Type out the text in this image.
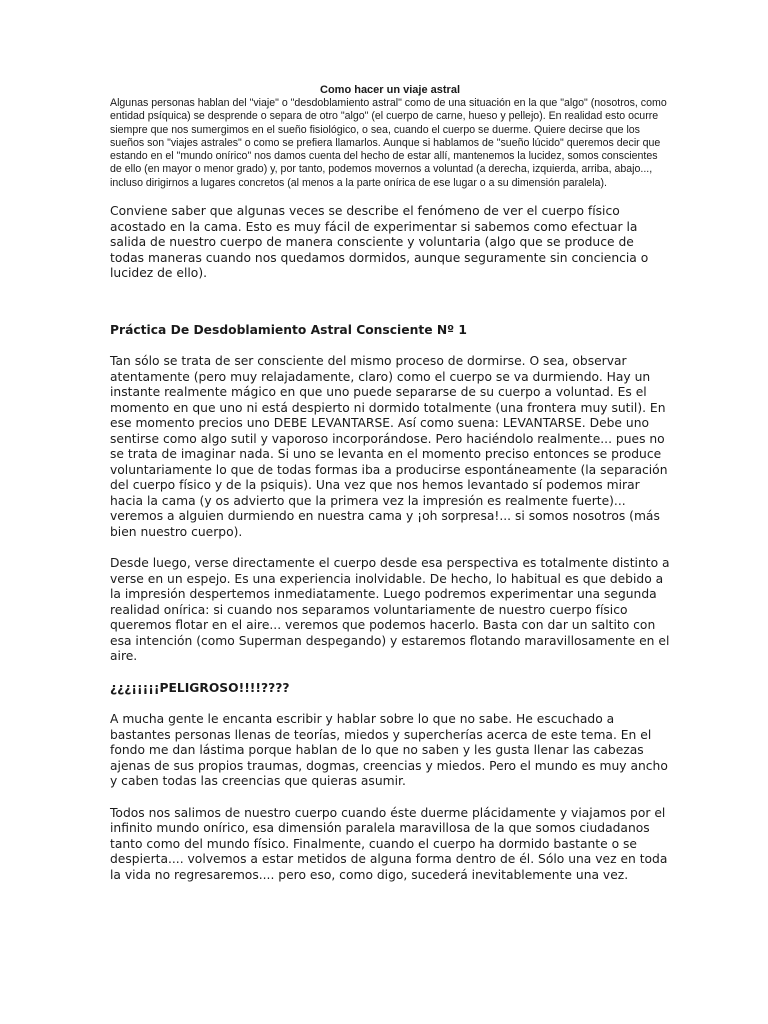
Como hacer un viaje astral

Algunas personas hablan del "viaje" o "desdoblamiento astral" como de una situación en la que "algo" (nosotros, como entidad psíquica) se desprende o separa de otro "algo" (el cuerpo de carne, hueso y pellejo). En realidad esto ocurre siempre que nos sumergimos en el sueño fisiológico, o sea, cuando el cuerpo se duerme. Quiere decirse que los sueños son "viajes astrales" o como se prefiera llamarlos. Aunque si hablamos de "sueño lúcido" queremos decir que estando en el "mundo onírico" nos damos cuenta del hecho de estar allí, mantenemos la lucidez, somos conscientes de ello (en mayor o menor grado) y, por tanto, podemos movernos a voluntad (a derecha, izquierda, arriba, abajo..., incluso dirigirnos a lugares concretos (al menos a la parte onírica de ese lugar o a su dimensión paralela).

Conviene saber que algunas veces se describe el fenómeno de ver el cuerpo físico acostado en la cama. Esto es muy fácil de experimentar si sabemos como efectuar la salida de nuestro cuerpo de manera consciente y voluntaria (algo que se produce de todas maneras cuando nos quedamos dormidos, aunque seguramente sin conciencia o lucidez de ello).

Práctica De Desdoblamiento Astral Consciente Nº 1

Tan sólo se trata de ser consciente del mismo proceso de dormirse. O sea, observar atentamente (pero muy relajadamente, claro) como el cuerpo se va durmiendo. Hay un instante realmente mágico en que uno puede separarse de su cuerpo a voluntad. Es el momento en que uno ni está despierto ni dormido totalmente (una frontera muy sutil). En ese momento precios uno DEBE LEVANTARSE. Así como suena: LEVANTARSE. Debe uno sentirse como algo sutil y vaporoso incorporándose. Pero haciéndolo realmente... pues no se trata de imaginar nada. Si uno se levanta en el momento preciso entonces se produce voluntariamente lo que de todas formas iba a producirse espontáneamente (la separación del cuerpo físico y de la psiquis). Una vez que nos hemos levantado sí podemos mirar hacia la cama (y os advierto que la primera vez la impresión es realmente fuerte)... veremos a alguien durmiendo en nuestra cama y ¡oh sorpresa!... si somos nosotros (más bien nuestro cuerpo).

Desde luego, verse directamente el cuerpo desde esa perspectiva es totalmente distinto a verse en un espejo. Es una experiencia inolvidable. De hecho, lo habitual es que debido a la impresión despertemos inmediatamente. Luego podremos experimentar una segunda realidad onírica: si cuando nos separamos voluntariamente de nuestro cuerpo físico queremos flotar en el aire... veremos que podemos hacerlo. Basta con dar un saltito con esa intención (como Superman despegando) y estaremos flotando maravillosamente en el aire.

¿¿¿¡¡¡¡¡PELIGROSO!!!!????

A mucha gente le encanta escribir y hablar sobre lo que no sabe. He escuchado a bastantes personas llenas de teorías, miedos y supercherías acerca de este tema. En el fondo me dan lástima porque hablan de lo que no saben y les gusta llenar las cabezas ajenas de sus propios traumas, dogmas, creencias y miedos. Pero el mundo es muy ancho y caben todas las creencias que quieras asumir.

Todos nos salimos de nuestro cuerpo cuando éste duerme plácidamente y viajamos por el infinito mundo onírico, esa dimensión paralela maravillosa de la que somos ciudadanos tanto como del mundo físico. Finalmente, cuando el cuerpo ha dormido bastante o se despierta.... volvemos a estar metidos de alguna forma dentro de él. Sólo una vez en toda la vida no regresaremos.... pero eso, como digo, sucederá inevitablemente una vez.
